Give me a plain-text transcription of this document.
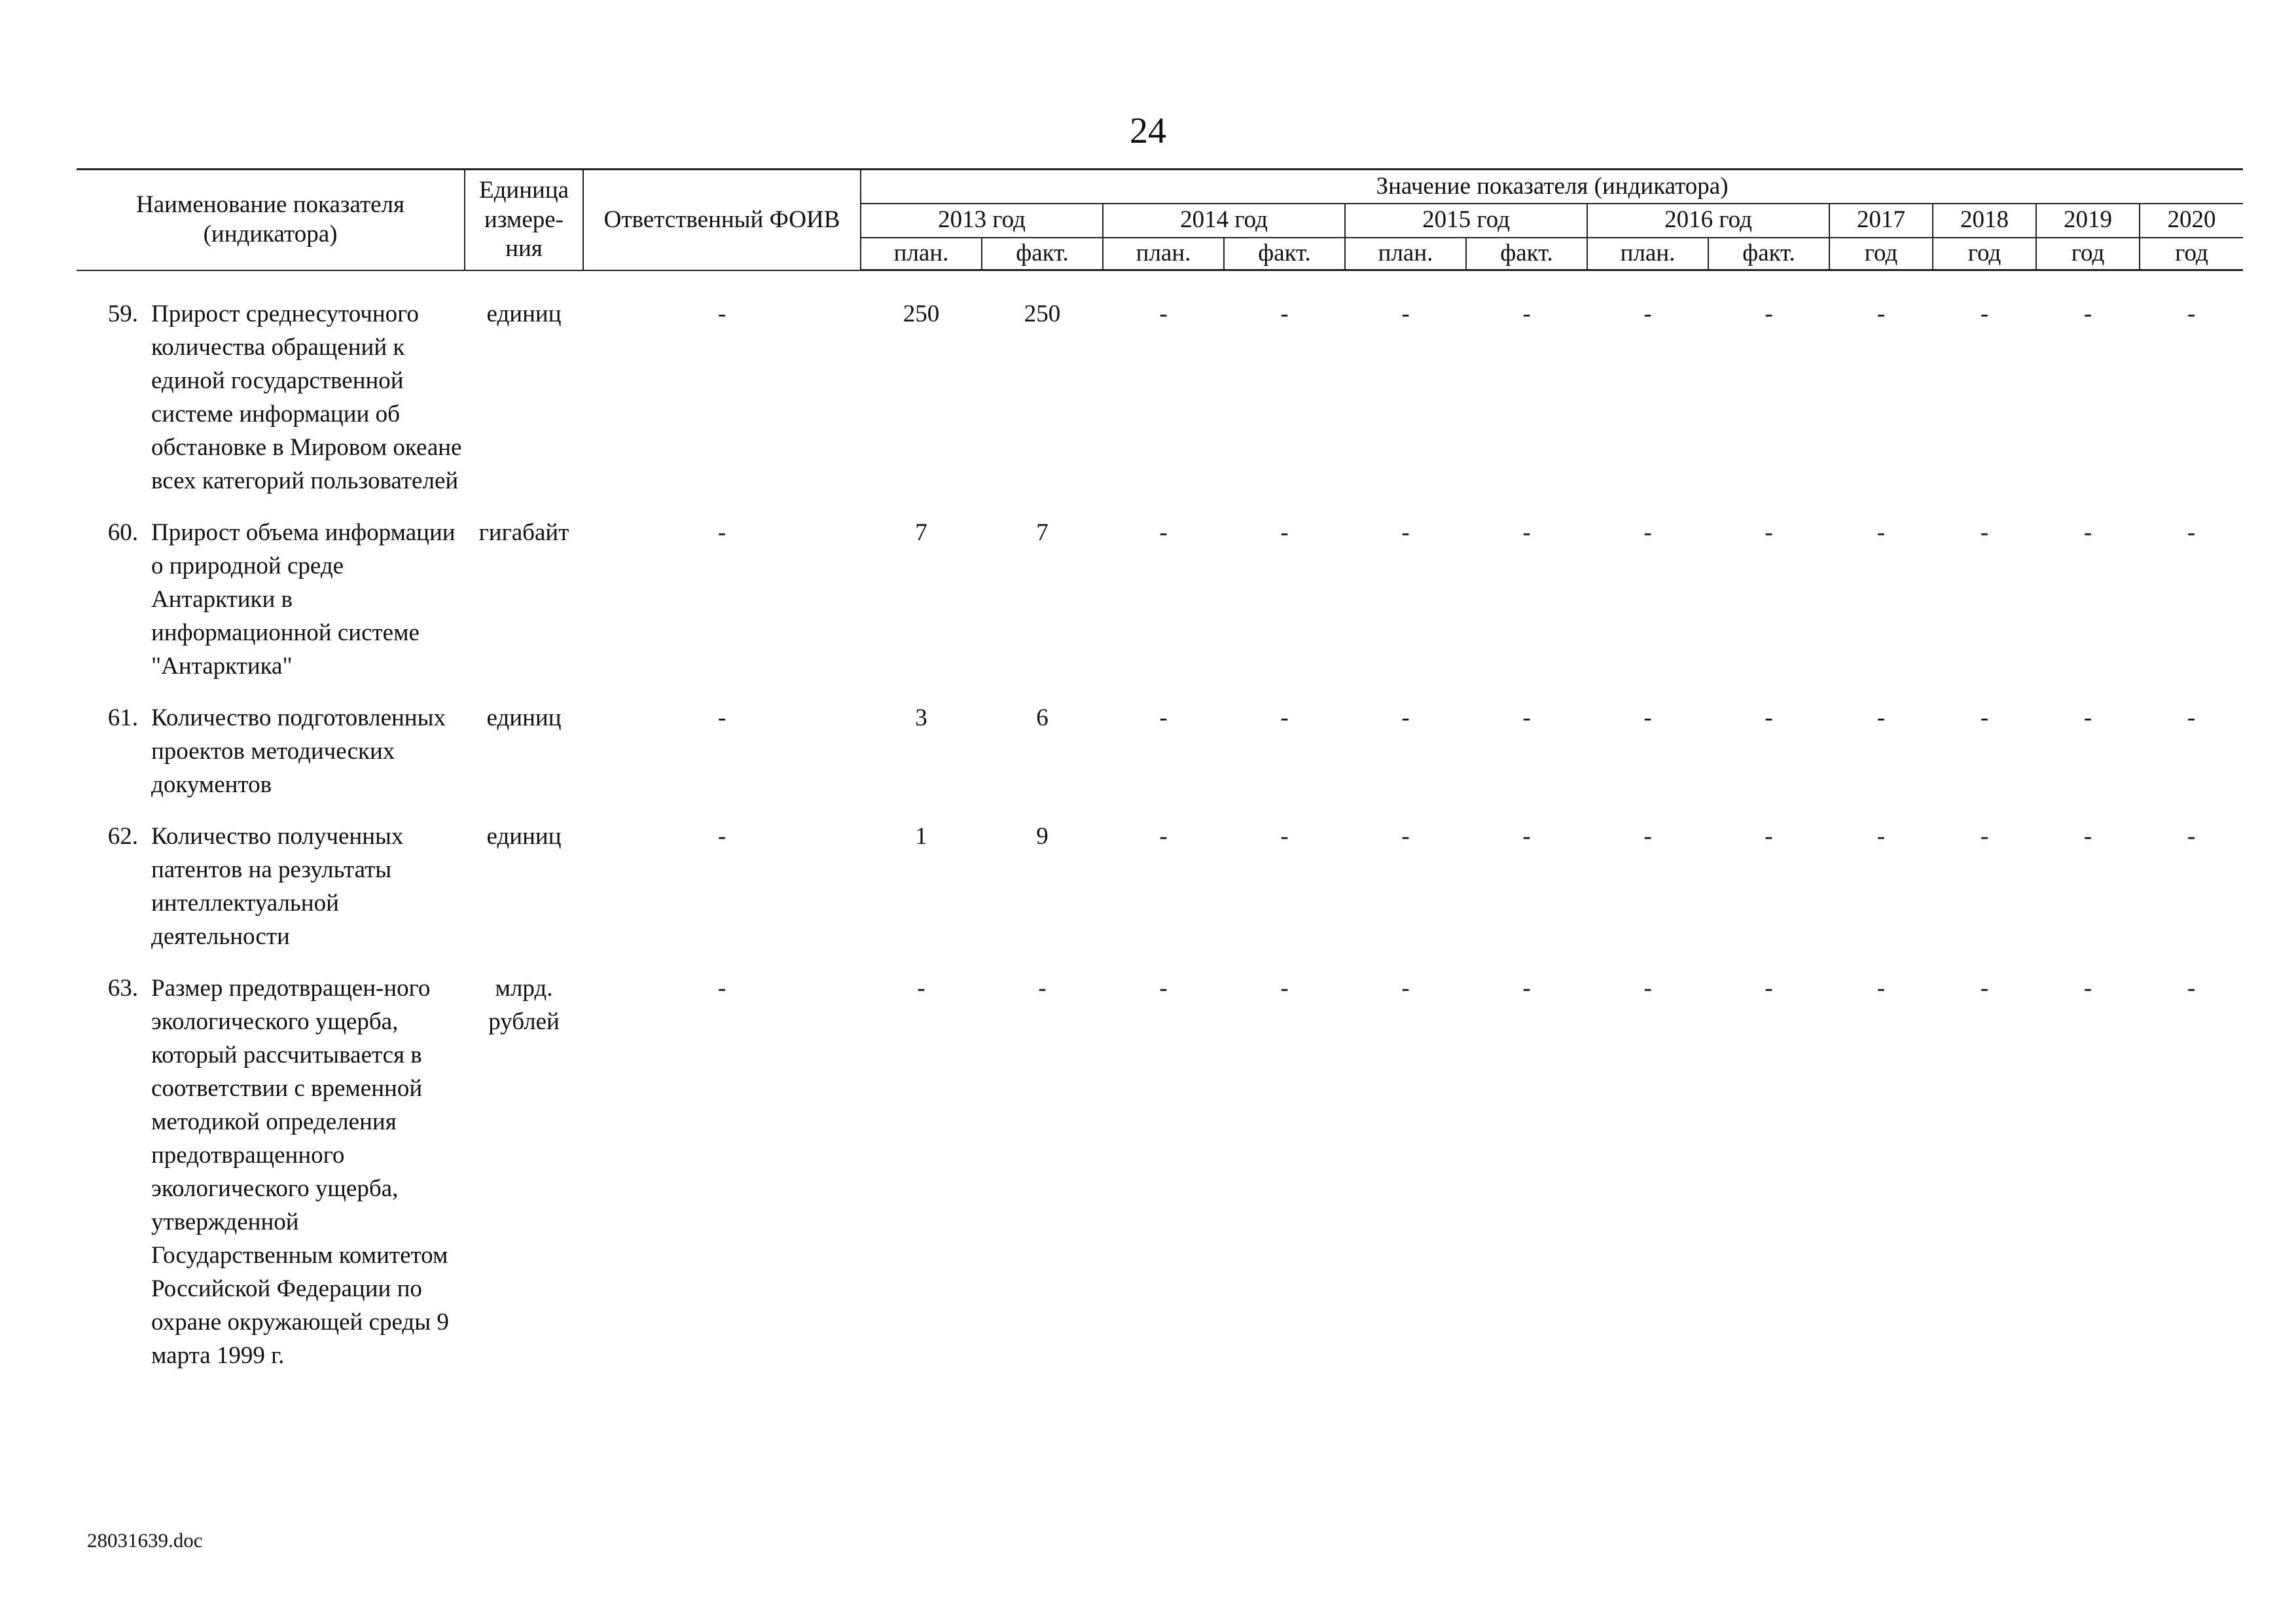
24
Наименование показателя (индикатора)		Единица измере-ния	Ответственный ФОИВ	Значение показателя (индикатора)											
				2013 год		2014 год		2015 год		2016 год		2017	2018	2019	2020
				план.	факт.	план.	факт.	план.	факт.	план.	факт.	год	год	год	год

59.	Прирост среднесуточного количества обращений к единой государственной системе информации об обстановке в Мировом океане всех категорий пользователей	единиц	-	250	250	-	-	-	-	-	-	-	-	-	-
60.	Прирост объема информации о природной среде Антарктики в информационной системе "Антарктика"	гигабайт	-	7	7	-	-	-	-	-	-	-	-	-	-
61.	Количество подготовленных проектов методических документов	единиц	-	3	6	-	-	-	-	-	-	-	-	-	-
62.	Количество полученных патентов на результаты интеллектуальной деятельности	единиц	-	1	9	-	-	-	-	-	-	-	-	-	-
63.	Размер предотвращен-ного экологического ущерба, который рассчитывается в соответствии с временной методикой определения предотвращенного экологического ущерба, утвержденной Государственным комитетом Российской Федерации по охране окружающей среды 9 марта 1999 г.	млрд. рублей	-	-	-	-	-	-	-	-	-	-	-	-	-
28031639.doc
